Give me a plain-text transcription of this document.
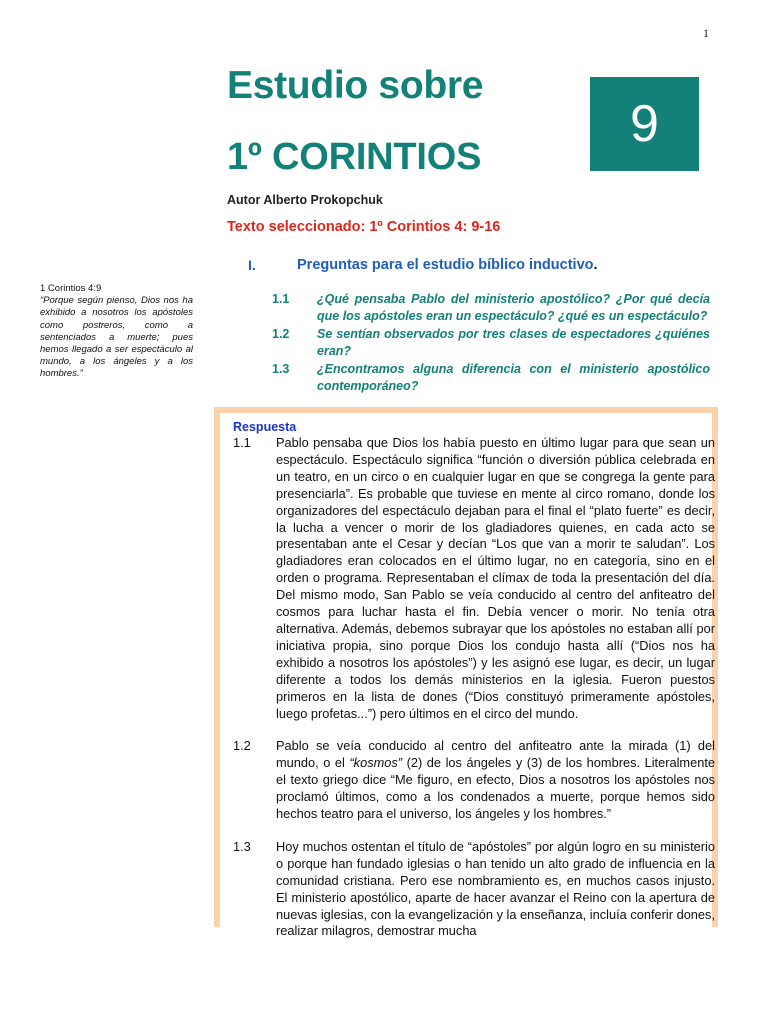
1
Estudio sobre
1º CORINTIOS
9
Autor Alberto Prokopchuk
Texto seleccionado: 1º Corintios 4: 9-16
I.	Preguntas para el estudio bíblico inductivo.
1.1	¿Qué pensaba Pablo del ministerio apostólico? ¿Por qué decía que los apóstoles eran un espectáculo? ¿qué es un espectáculo?
1.2	Se sentían observados por tres clases de espectadores ¿quiénes eran?
1.3	¿Encontramos alguna diferencia con el ministerio apostólico contemporáneo?
1 Corintios 4:9
“Porque según pienso, Dios nos ha exhibido a nosotros los apóstoles como postreros, como a sentenciados a muerte; pues hemos llegado a ser espectáculo al mundo, a los ángeles y a los hombres.”
Respuesta
1.1	Pablo pensaba que Dios los había puesto en último lugar para que sean un espectáculo. Espectáculo significa “función o diversión pública celebrada en un teatro, en un circo o en cualquier lugar en que se congrega la gente para presenciarla”. Es probable que tuviese en mente al circo romano, donde los organizadores del espectáculo dejaban para el final el “plato fuerte” es decir, la lucha a vencer o morir de los gladiadores quienes, en cada acto se presentaban ante el Cesar y decían “Los que van a morir te saludan”. Los gladiadores eran colocados en el último lugar, no en categoría, sino en el orden o programa. Representaban el clímax de toda la presentación del día. Del mismo modo, San Pablo se veía conducido al centro del anfiteatro del cosmos para luchar hasta el fin. Debía vencer o morir. No tenía otra alternativa. Además, debemos subrayar que los apóstoles no estaban allí por iniciativa propia, sino porque Dios los condujo hasta allí (“Dios nos ha exhibido a nosotros los apóstoles”) y les asignó ese lugar, es decir, un lugar diferente a todos los demás ministerios en la iglesia. Fueron puestos primeros en la lista de dones (“Dios constituyó primeramente apóstoles, luego profetas...”) pero últimos en el circo del mundo.
1.2	Pablo se veía conducido al centro del anfiteatro ante la mirada (1) del mundo, o el “kosmos” (2) de los ángeles y (3) de los hombres. Literalmente el texto griego dice “Me figuro, en efecto, Dios a nosotros los apóstoles nos proclamó últimos, como a los condenados a muerte, porque hemos sido hechos teatro para el universo, los ángeles y los hombres.”
1.3	Hoy muchos ostentan el título de “apóstoles” por algún logro en su ministerio o porque han fundado iglesias o han tenido un alto grado de influencia en la comunidad cristiana. Pero ese nombramiento es, en muchos casos injusto. El ministerio apostólico, aparte de hacer avanzar el Reino con la apertura de nuevas iglesias, con la evangelización y la enseñanza, incluía conferir dones, realizar milagros, demostrar mucha
